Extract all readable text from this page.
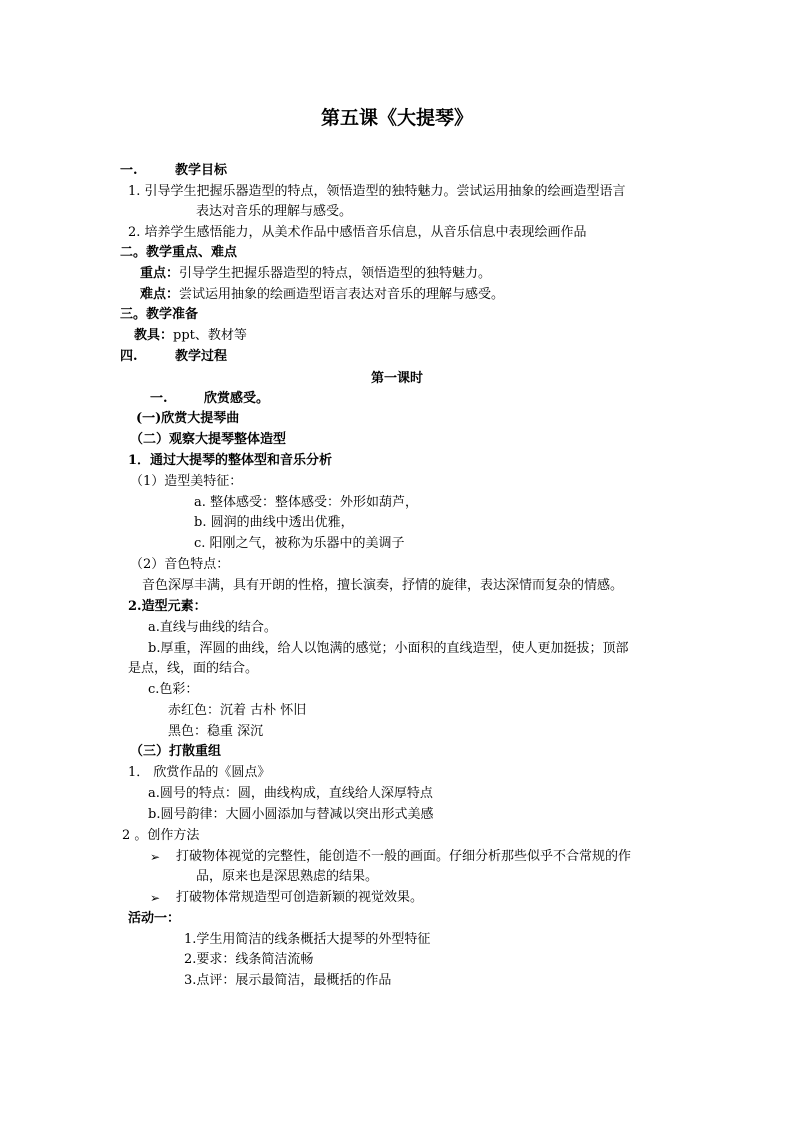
第五课《大提琴》
一.	教学目标
1. 引导学生把握乐器造型的特点，领悟造型的独特魅力。尝试运用抽象的绘画造型语言
表达对音乐的理解与感受。
2. 培养学生感悟能力，从美术作品中感悟音乐信息，从音乐信息中表现绘画作品
二。教学重点、难点
重点：引导学生把握乐器造型的特点，领悟造型的独特魅力。
难点：尝试运用抽象的绘画造型语言表达对音乐的理解与感受。
三。教学准备
教具：ppt、教材等
四.	教学过程
第一课时
一.	欣赏感受。
(一)欣赏大提琴曲
（二）观察大提琴整体造型
1．通过大提琴的整体型和音乐分析
（1）造型美特征：
a. 整体感受：整体感受：外形如葫芦，
b. 圆润的曲线中透出优雅，
c. 阳刚之气，被称为乐器中的美调子
（2）音色特点：
音色深厚丰满，具有开朗的性格，擅长演奏，抒情的旋律，表达深情而复杂的情感。
2.造型元素：
a.直线与曲线的结合。
b.厚重，浑圆的曲线，给人以饱满的感觉；小面积的直线造型，使人更加挺拔；顶部
是点，线，面的结合。
c.色彩：
赤红色：沉着 古朴 怀旧
黑色：稳重 深沉
（三）打散重组
1． 欣赏作品的《圆点》
a.圆号的特点：圆，曲线构成，直线给人深厚特点
b.圆号韵律：大圆小圆添加与替减以突出形式美感
2 。创作方法
➢ 打破物体视觉的完整性，能创造不一般的画面。仔细分析那些似乎不合常规的作
品，原来也是深思熟虑的结果。
➢ 打破物体常规造型可创造新颖的视觉效果。
活动一：
1.学生用简洁的线条概括大提琴的外型特征
2.要求：线条简洁流畅
3.点评：展示最简洁，最概括的作品
